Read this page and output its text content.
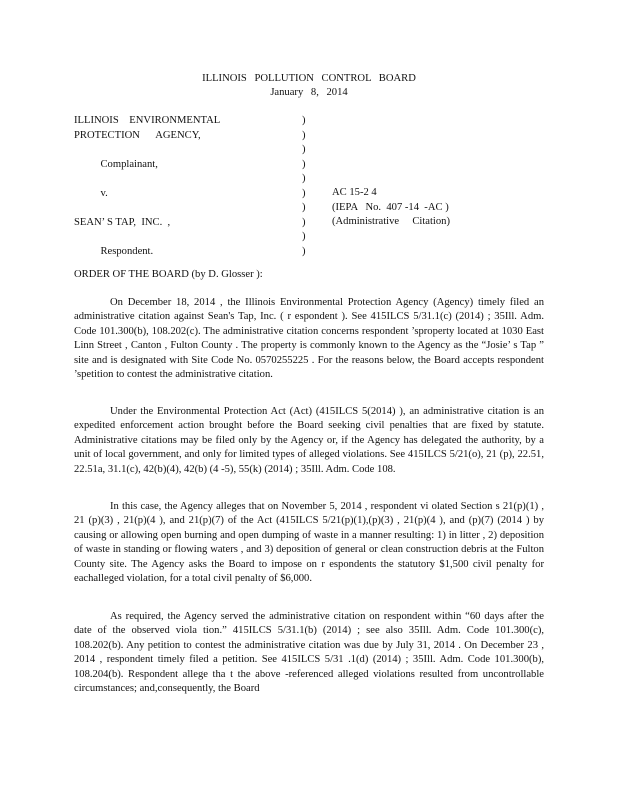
ILLINOIS POLLUTION CONTROL BOARD
January 8, 2014
ILLINOIS    ENVIRONMENTAL
PROTECTION      AGENCY,
Complainant,
v.
SEAN’ S TAP,  INC.  ,
Respondent.
)
)
)
)
)
)
)
)
)
)
AC 15-2 4
(IEPA   No.  407 -14  -AC )
(Administrative     Citation)
ORDER OF THE BOARD (by D. Glosser ):

On December 18, 2014 , the Illinois Environmental Protection Agency (Agency) timely filed an administrative citation against Sean's Tap, Inc. ( r espondent ). See 415ILCS 5/31.1(c) (2014) ; 35Ill. Adm. Code 101.300(b), 108.202(c). The administrative citation concerns respondent ’sproperty located at 1030 East Linn Street , Canton , Fulton County . The property is commonly known to the Agency as the “Josie’ s Tap ” site and is designated with Site Code No. 0570255225 . For the reasons below, the Board accepts respondent ’spetition to contest the administrative citation.

Under the Environmental Protection Act (Act) (415ILCS 5(2014) ), an administrative citation is an expedited enforcement action brought before the Board seeking civil penalties that are fixed by statute. Administrative citations may be filed only by the Agency or, if the Agency has delegated the authority, by a unit of local government, and only for limited types of alleged violations. See 415ILCS 5/21(o), 21 (p), 22.51, 22.51a, 31.1(c), 42(b)(4), 42(b) (4 -5), 55(k) (2014) ; 35Ill. Adm. Code 108.

In this case, the Agency alleges that on November 5, 2014 , respondent vi olated Section s 21(p)(1) , 21 (p)(3) , 21(p)(4 ), and 21(p)(7) of the Act (415ILCS 5/21(p)(1),(p)(3) , 21(p)(4 ), and (p)(7) (2014 ) by causing or allowing open burning and open dumping of waste in a manner resulting: 1) in litter , 2) deposition of waste in standing or flowing waters , and 3) deposition of general or clean construction debris at the Fulton County site. The Agency asks the Board to impose on r espondents the statutory $1,500 civil penalty for eachalleged violation, for a total civil penalty of $6,000.

As required, the Agency served the administrative citation on respondent within “60 days after the date of the observed viola tion.” 415ILCS 5/31.1(b) (2014) ; see also 35Ill. Adm. Code 101.300(c), 108.202(b). Any petition to contest the administrative citation was due by July 31, 2014 . On December 23 , 2014 , respondent timely filed a petition. See 415ILCS 5/31 .1(d) (2014) ; 35Ill. Adm. Code 101.300(b), 108.204(b). Respondent allege tha t the above -referenced alleged violations resulted from uncontrollable circumstances; and,consequently, the Board
